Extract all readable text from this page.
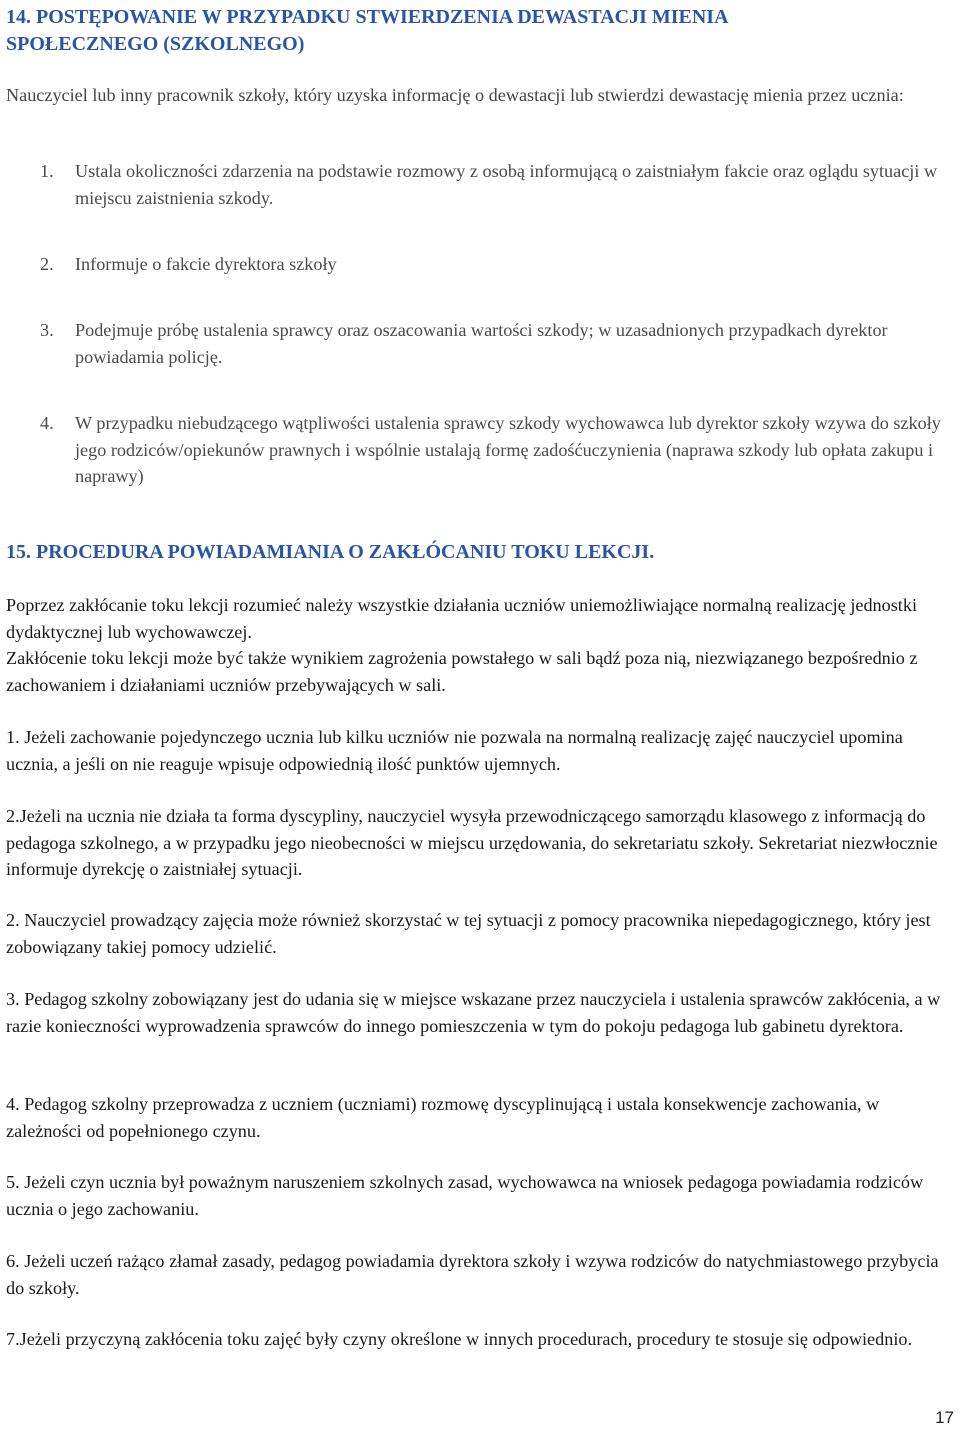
14. POSTĘPOWANIE W PRZYPADKU STWIERDZENIA DEWASTACJI MIENIA
SPOŁECZNEGO (SZKOLNEGO)
Nauczyciel lub inny pracownik szkoły, który uzyska informację o dewastacji lub stwierdzi dewastację mienia przez ucznia:
1. Ustala okoliczności zdarzenia na podstawie rozmowy z osobą informującą o zaistniałym fakcie oraz oglądu sytuacji w miejscu zaistnienia szkody.
2. Informuje o fakcie dyrektora szkoły
3. Podejmuje próbę ustalenia sprawcy oraz oszacowania wartości szkody; w uzasadnionych przypadkach dyrektor powiadamia policję.
4. W przypadku niebudzącego wątpliwości ustalenia sprawcy szkody wychowawca lub dyrektor szkoły wzywa do szkoły jego rodziców/opiekunów prawnych i wspólnie ustalają formę zadośćuczynienia (naprawa szkody lub opłata zakupu i naprawy)
15. PROCEDURA POWIADAMIANIA O ZAKŁÓCANIU TOKU LEKCJI.
Poprzez zakłócanie toku lekcji rozumieć należy wszystkie działania uczniów uniemożliwiające normalną realizację jednostki dydaktycznej lub wychowawczej.
Zakłócenie toku lekcji może być także wynikiem zagrożenia powstałego w sali bądź poza nią, niezwiązanego bezpośrednio z zachowaniem i działaniami uczniów przebywających w sali.
1. Jeżeli zachowanie pojedynczego ucznia lub kilku uczniów nie pozwala na normalną realizację zajęć nauczyciel upomina ucznia, a jeśli on nie reaguje wpisuje odpowiednią ilość punktów ujemnych.
2.Jeżeli na ucznia nie działa ta forma dyscypliny, nauczyciel wysyła przewodniczącego samorządu klasowego z informacją do pedagoga szkolnego, a w przypadku jego nieobecności w miejscu urzędowania, do sekretariatu szkoły. Sekretariat niezwłocznie informuje dyrekcję o zaistniałej sytuacji.
2. Nauczyciel prowadzący zajęcia może również skorzystać w tej sytuacji z pomocy pracownika niepedagogicznego, który jest zobowiązany takiej pomocy udzielić.
3. Pedagog szkolny zobowiązany jest do udania się w miejsce wskazane przez nauczyciela i ustalenia sprawców zakłócenia, a w razie konieczności wyprowadzenia sprawców do innego pomieszczenia w tym do pokoju pedagoga lub gabinetu dyrektora.
4. Pedagog szkolny przeprowadza z uczniem (uczniami) rozmowę dyscyplinującą i ustala konsekwencje zachowania, w zależności od popełnionego czynu.
5. Jeżeli czyn ucznia był poważnym naruszeniem szkolnych zasad, wychowawca na wniosek pedagoga powiadamia rodziców ucznia o jego zachowaniu.
6. Jeżeli uczeń rażąco złamał zasady, pedagog powiadamia dyrektora szkoły i wzywa rodziców do natychmiastowego przybycia do szkoły.
7.Jeżeli przyczyną zakłócenia toku zajęć były czyny określone w innych procedurach, procedury te stosuje się odpowiednio.
17
